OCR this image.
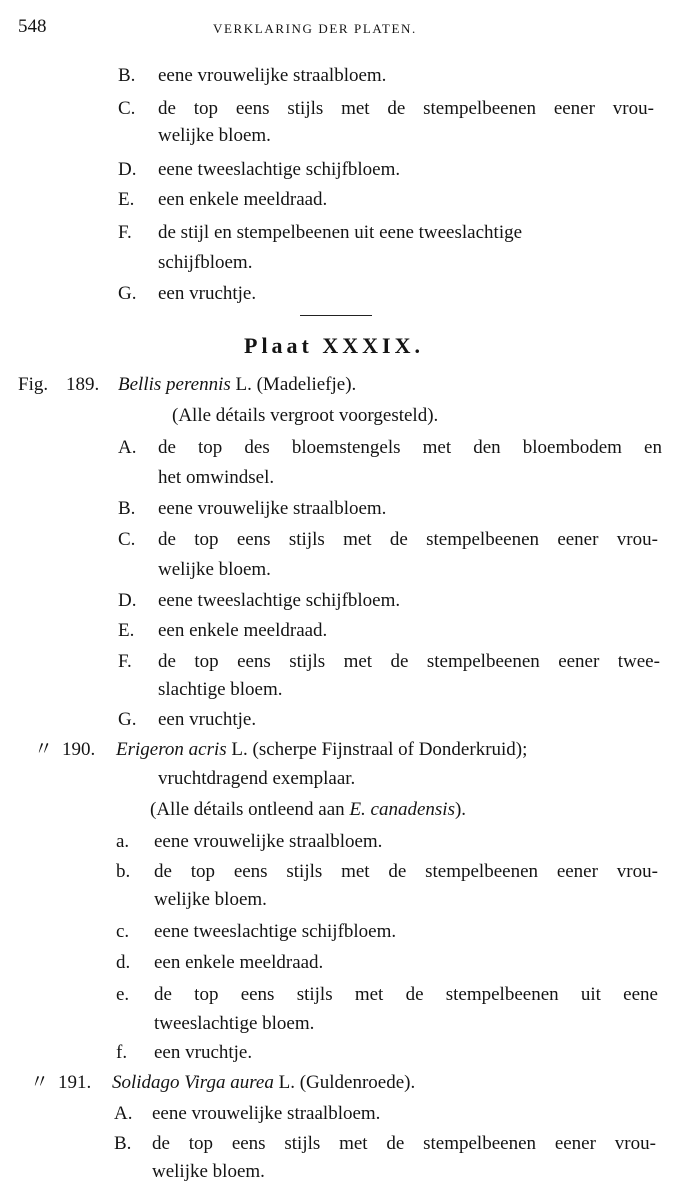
548	VERKLARING DER PLATEN.
B. eene vrouwelijke straalbloem.
C. de top eens stijls met de stempelbeenen eener vrou-
welijke bloem.
D. eene tweeslachtige schijfbloem.
E. een enkele meeldraad.
F. de stijl en stempelbeenen uit eene tweeslachtige
schijfbloem.
G. een vruchtje.
Plaat XXXIX.
Fig. 189. Bellis perennis L. (Madeliefje).
(Alle détails vergroot voorgesteld).
A. de top des bloemstengels met den bloembodem en
het omwindsel.
B. eene vrouwelijke straalbloem.
C. de top eens stijls met de stempelbeenen eener vrou-
welijke bloem.
D. eene tweeslachtige schijfbloem.
E. een enkele meeldraad.
F. de top eens stijls met de stempelbeenen eener twee-
slachtige bloem.
G. een vruchtje.
〃 190. Erigeron acris L. (scherpe Fijnstraal of Donderkruid);
vruchtdragend exemplaar.
(Alle détails ontleend aan E. canadensis).
a. eene vrouwelijke straalbloem.
b. de top eens stijls met de stempelbeenen eener vrou-
welijke bloem.
c. eene tweeslachtige schijfbloem.
d. een enkele meeldraad.
e. de top eens stijls met de stempelbeenen uit eene
tweeslachtige bloem.
f. een vruchtje.
〃 191. Solidago Virga aurea L. (Guldenroede).
A. eene vrouwelijke straalbloem.
B. de top eens stijls met de stempelbeenen eener vrou-
welijke bloem.
